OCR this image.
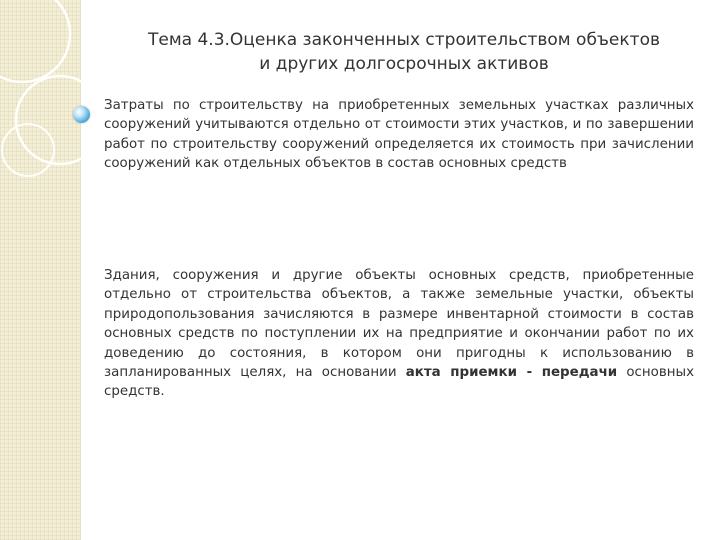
Тема 4.3.Оценка законченных строительством объектов
и других долгосрочных активов
Затраты по строительству на приобретенных земельных участках различных сооружений учитываются отдельно от стоимости этих участков, и по завершении работ по строительству сооружений определяется их стоимость при зачислении сооружений как отдельных объектов в состав основных средств
Здания, сооружения и другие объекты основных средств, приобретенные отдельно от строительства объектов, а также земельные участки, объекты природопользования зачисляются в размере инвентарной стоимости в состав основных средств по поступлении их на предприятие и окончании работ по их доведению до состояния, в котором они пригодны к использованию в запланированных целях, на основании акта приемки - передачи основных средств.
